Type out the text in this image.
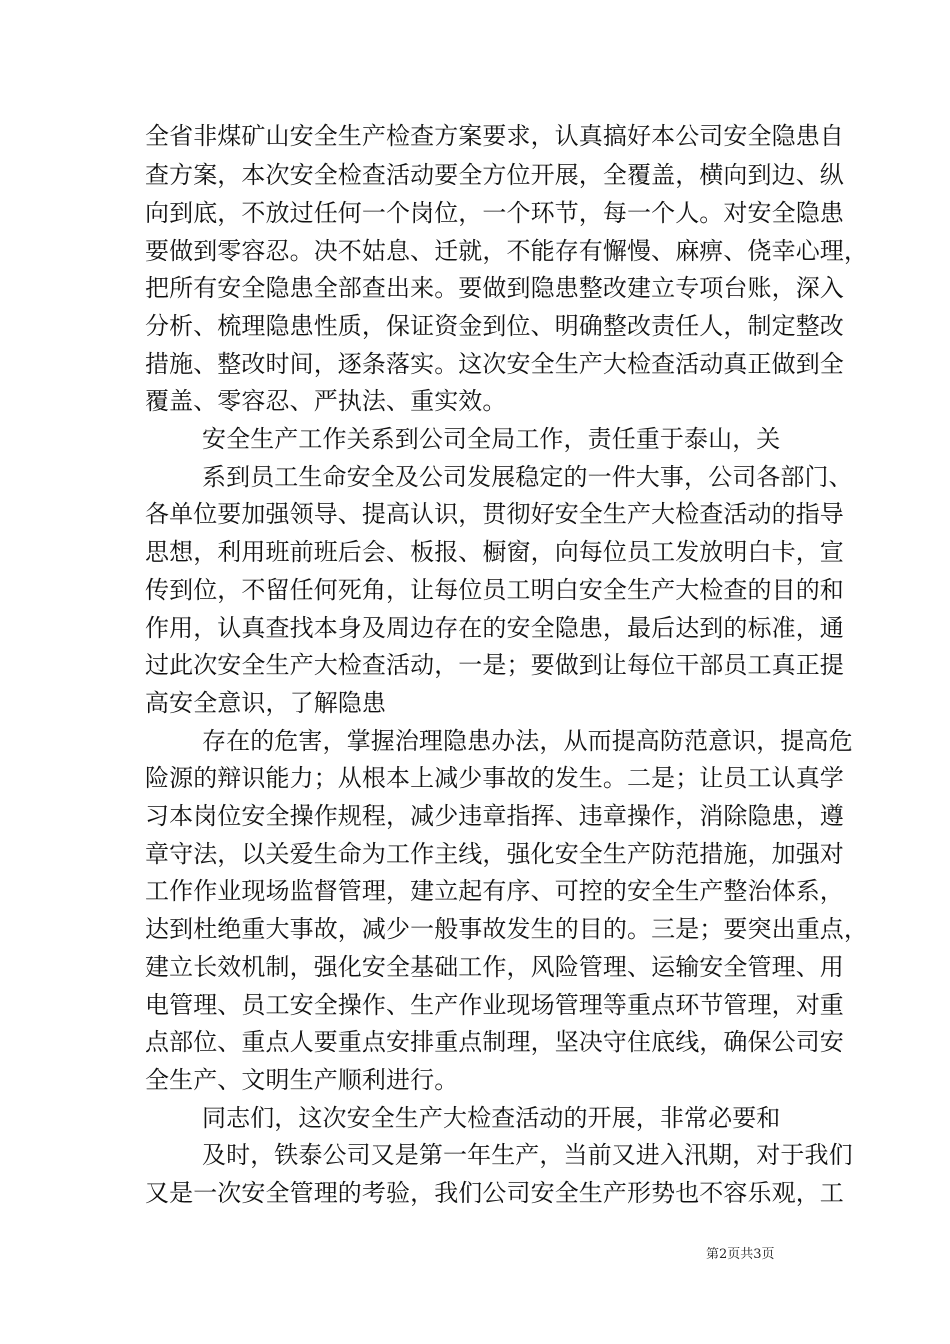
全省非煤矿山安全生产检查方案要求，认真搞好本公司安全隐患自
查方案，本次安全检查活动要全方位开展，全覆盖，横向到边、纵
向到底，不放过任何一个岗位，一个环节，每一个人。对安全隐患
要做到零容忍。决不姑息、迁就，不能存有懈慢、麻痹、侥幸心理，
把所有安全隐患全部查出来。要做到隐患整改建立专项台账，深入
分析、梳理隐患性质，保证资金到位、明确整改责任人，制定整改
措施、整改时间，逐条落实。这次安全生产大检查活动真正做到全
覆盖、零容忍、严执法、重实效。
安全生产工作关系到公司全局工作，责任重于泰山，关
系到员工生命安全及公司发展稳定的一件大事，公司各部门、
各单位要加强领导、提高认识，贯彻好安全生产大检查活动的指导
思想，利用班前班后会、板报、橱窗，向每位员工发放明白卡，宣
传到位，不留任何死角，让每位员工明白安全生产大检查的目的和
作用，认真查找本身及周边存在的安全隐患，最后达到的标准，通
过此次安全生产大检查活动，一是；要做到让每位干部员工真正提
高安全意识，了解隐患
存在的危害，掌握治理隐患办法，从而提高防范意识，提高危
险源的辩识能力；从根本上减少事故的发生。二是；让员工认真学
习本岗位安全操作规程，减少违章指挥、违章操作，消除隐患，遵
章守法，以关爱生命为工作主线，强化安全生产防范措施，加强对
工作作业现场监督管理，建立起有序、可控的安全生产整治体系，
达到杜绝重大事故，减少一般事故发生的目的。三是；要突出重点，
建立长效机制，强化安全基础工作，风险管理、运输安全管理、用
电管理、员工安全操作、生产作业现场管理等重点环节管理，对重
点部位、重点人要重点安排重点制理，坚决守住底线，确保公司安
全生产、文明生产顺利进行。
同志们，这次安全生产大检查活动的开展，非常必要和
及时，铁泰公司又是第一年生产，当前又进入汛期，对于我们
又是一次安全管理的考验，我们公司安全生产形势也不容乐观，工
第2页共3页
